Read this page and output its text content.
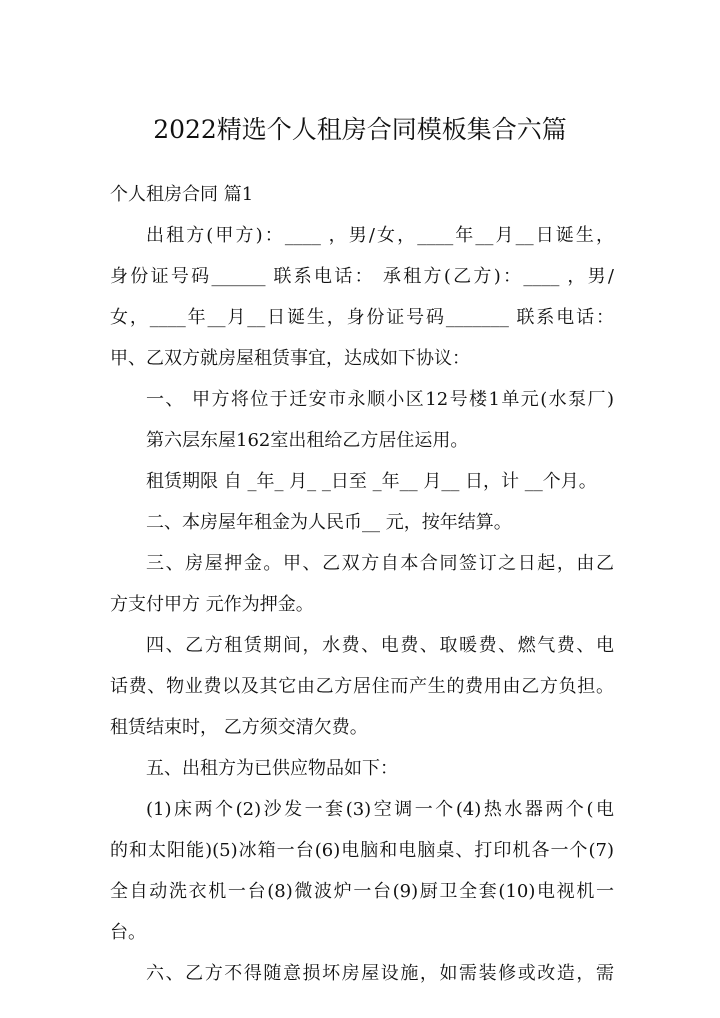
2022精选个人租房合同模板集合六篇
个人租房合同 篇1
出租方(甲方)：____ ，男/女，____年__月__日诞生，
身份证号码______ 联系电话： 承租方(乙方)：____ ，男/
女，____年__月__日诞生，身份证号码_______ 联系电话：
甲、乙双方就房屋租赁事宜，达成如下协议：
一、 甲方将位于迁安市永顺小区12号楼1单元(水泵厂)
第六层东屋162室出租给乙方居住运用。
租赁期限 自 _年_ 月_ _日至 _年__ 月__ 日，计 __个月。
二、本房屋年租金为人民币__ 元，按年结算。
三、房屋押金。甲、乙双方自本合同签订之日起，由乙
方支付甲方 元作为押金。
四、乙方租赁期间，水费、电费、取暖费、燃气费、电
话费、物业费以及其它由乙方居住而产生的费用由乙方负担。
租赁结束时， 乙方须交清欠费。
五、出租方为已供应物品如下：
(1)床两个(2)沙发一套(3)空调一个(4)热水器两个(电
的和太阳能)(5)冰箱一台(6)电脑和电脑桌、打印机各一个(7)
全自动洗衣机一台(8)微波炉一台(9)厨卫全套(10)电视机一
台。
六、乙方不得随意损坏房屋设施，如需装修或改造，需
